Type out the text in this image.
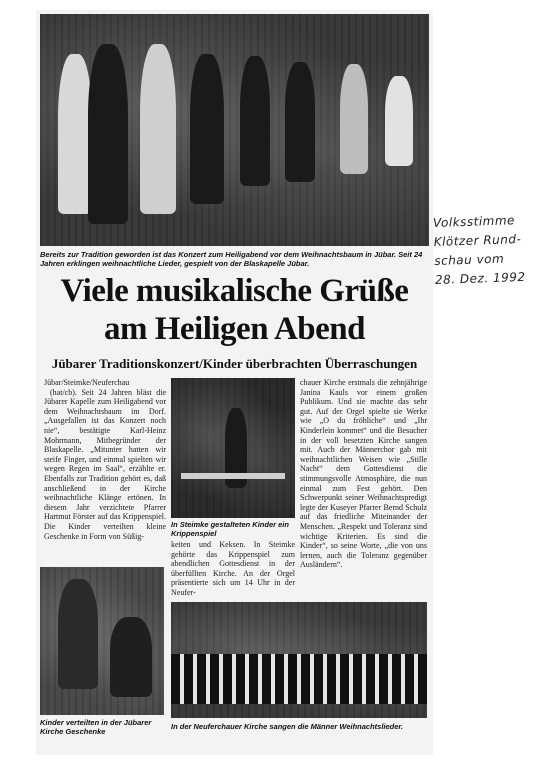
Bereits zur Tradition geworden ist das Konzert zum Heiligabend vor dem Weihnachtsbaum in Jübar. Seit 24 Jahren erklingen weihnachtliche Lieder, gespielt von der Blaskapelle Jübar.
Viele musikalische Grüße
am Heiligen Abend
Jübarer Traditionskonzert/Kinder überbrachten Überraschungen

Jübar/Steimke/Neuferchau

(hat/cb). Seit 24 Jahren bläst die Jübarer Kapelle zum Heiligabend vor dem Weihnachtsbaum im Dorf. „Ausgefallen ist das Konzert noch nie“, bestätigte Karl-Heinz Mohrmann, Mitbegründer der Blaskapelle. „Mitunter hatten wir steife Finger, und einmal spielten wir wegen Regen im Saal“, erzählte er. Ebenfalls zur Tradition gehört es, daß anschließend in der Kirche weihnachtliche Klänge ertönen. In diesem Jahr verzichtete Pfarrer Hartmut Förster auf das Krippenspiel. Die Kinder verteilten kleine Geschenke in Form von Süßig-

In Steimke gestalteten Kinder ein Krippenspiel
keiten und Keksen. In Steimke gehörte das Krippenspiel zum abendlichen Gottesdienst in der überfüllten Kirche. An der Orgel präsentierte sich um 14 Uhr in der Neufer-
chauer Kirche erstmals die zehnjährige Janina Kauls vor einem großen Publikum. Und sie machte das sehr gut. Auf der Orgel spielte sie Werke wie „O du fröhliche“ und „Ihr Kinderlein kommet“ und die Besucher in der voll besetzten Kirche sangen mit. Auch der Männerchor gab mit weihnachtlichen Weisen wie „Stille Nacht“ dem Gottesdienst die stimmungsvolle Atmosphäre, die nun einmal zum Fest gehört. Den Schwerpunkt seiner Weihnachtspredigt legte der Kuseyer Pfarrer Bernd Schulz auf das friedliche Miteinander der Menschen. „Respekt und Toleranz sind wichtige Kriterien. Es sind die Kinder“, so seine Worte, „die von uns lernen, auch die Toleranz gegenüber Ausländern“.
Kinder verteilten in der Jübarer Kirche Geschenke
In der Neuferchauer Kirche sangen die Männer Weihnachtslieder.
Volksstimme
Klötzer Rund-
schau vom
28. Dez. 1992
